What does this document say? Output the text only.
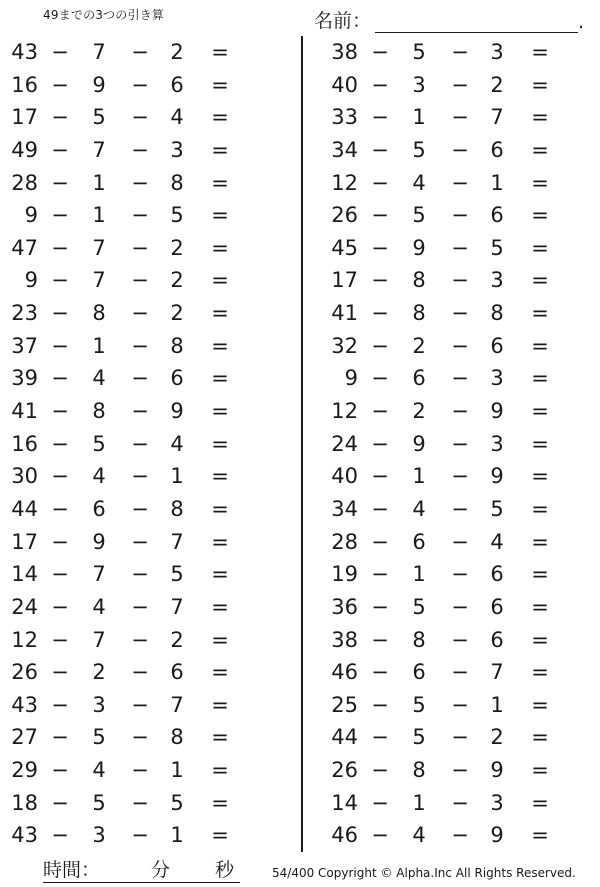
49までの3つの引き算	名前：	.
43 −	7	−	2	=
16 −	9	−	6	=
17 −	5	−	4	=
49 −	7	−	3	=
28 −	1	−	8	=
9 −	1	−	5	=
47 −	7	−	2	=
9 −	7	−	2	=
23 −	8	−	2	=
37 −	1	−	8	=
39 −	4	−	6	=
41 −	8	−	9	=
16 −	5	−	4	=
30 −	4	−	1	=
44 −	6	−	8	=
17 −	9	−	7	=
14 −	7	−	5	=
24 −	4	−	7	=
12 −	7	−	2	=
26 −	2	−	6	=
43 −	3	−	7	=
27 −	5	−	8	=
29 −	4	−	1	=
18 −	5	−	5	=
43 −	3	−	1	=
38 −	5	−	3	=
40 −	3	−	2	=
33 −	1	−	7	=
34 −	5	−	6	=
12 −	4	−	1	=
26 −	5	−	6	=
45 −	9	−	5	=
17 −	8	−	3	=
41 −	8	−	8	=
32 −	2	−	6	=
9 −	6	−	3	=
12 −	2	−	9	=
24 −	9	−	3	=
40 −	1	−	9	=
34 −	4	−	5	=
28 −	6	−	4	=
19 −	1	−	6	=
36 −	5	−	6	=
38 −	8	−	6	=
46 −	6	−	7	=
25 −	5	−	1	=
44 −	5	−	2	=
26 −	8	−	9	=
14 −	1	−	3	=
46 −	4	−	9	=
時間：	分 秒	54/400 Copyright © Alpha.Inc All Rights Reserved.
